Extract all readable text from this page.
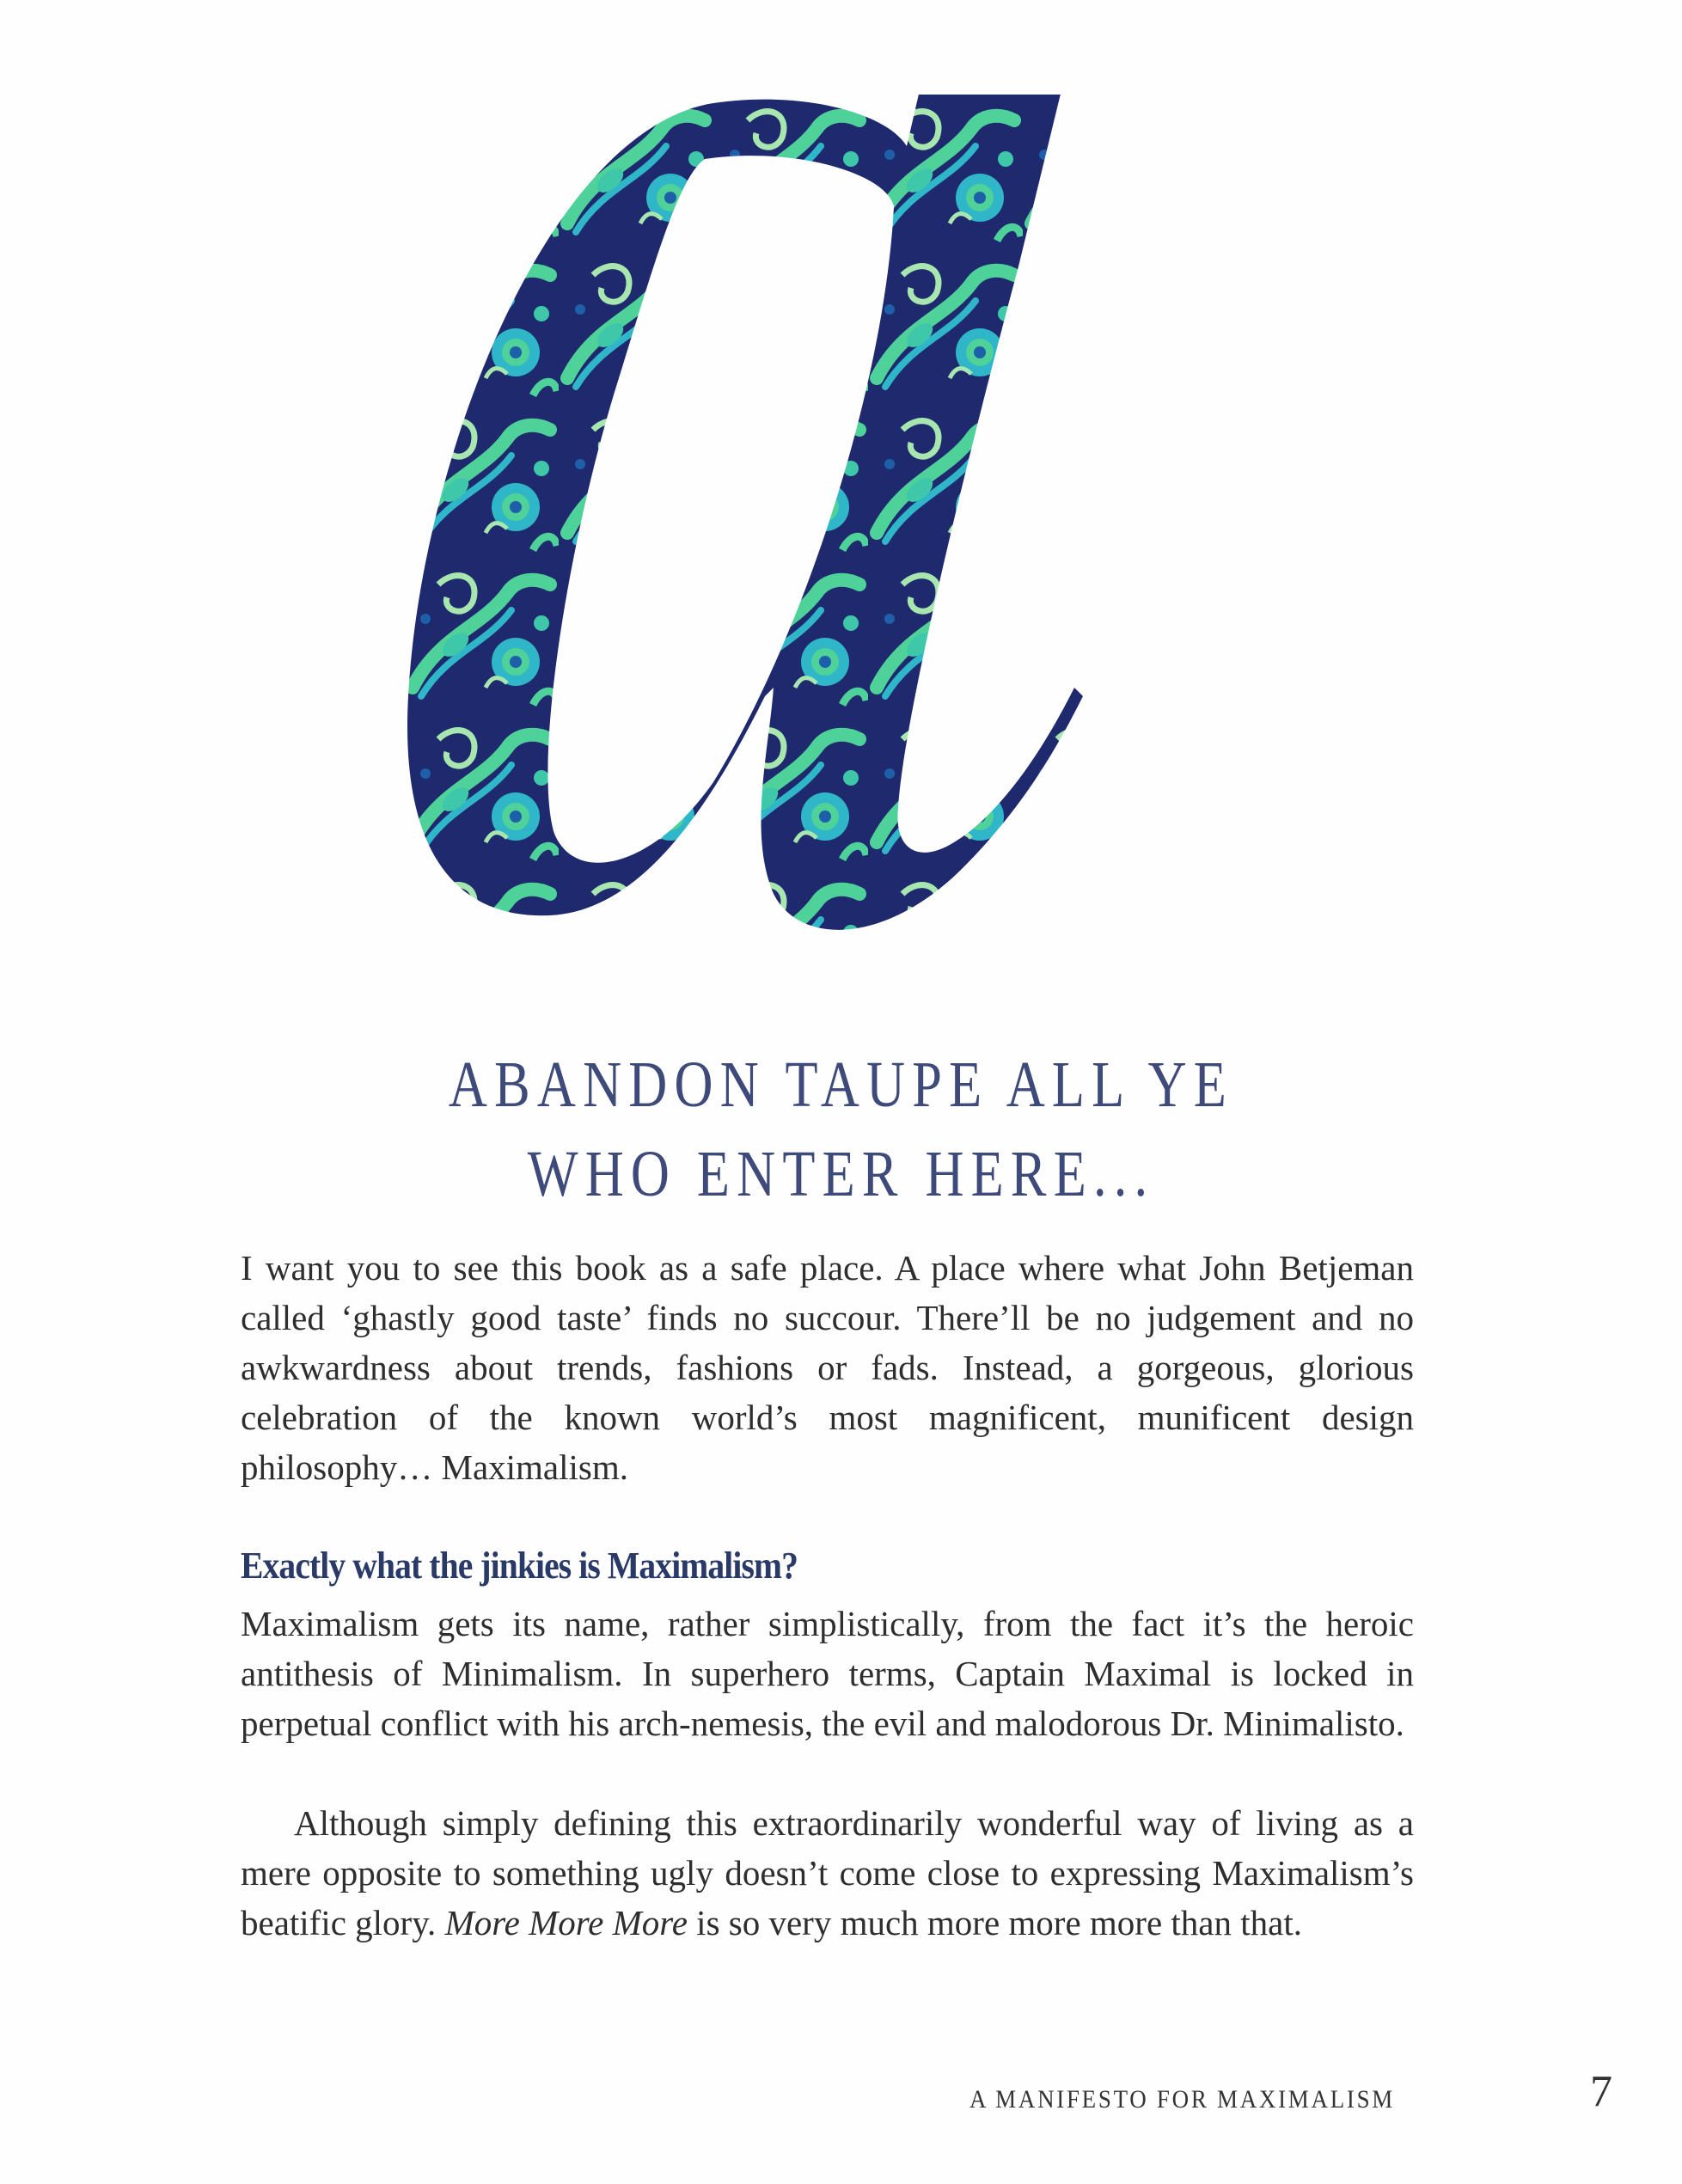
ABANDON TAUPE ALL YE
WHO ENTER HERE...

I want you to see this book as a safe place. A place where what John Betjeman called ‘ghastly good taste’ finds no succour. There’ll be no judgement and no awkwardness about trends, fashions or fads. Instead, a gorgeous, glorious celebration of the known world’s most magnificent, munificent design philosophy… Maximalism.

Exactly what the jinkies is Maximalism?

Maximalism gets its name, rather simplistically, from the fact it’s the heroic antithesis of Minimalism. In superhero terms, Captain Maximal is locked in perpetual conflict with his arch-nemesis, the evil and malodorous Dr. Minimalisto.

Although simply defining this extraordinarily wonderful way of living as a mere opposite to something ugly doesn’t come close to expressing Maximalism’s beatific glory. More More More is so very much more more more than that.

A MANIFESTO FOR MAXIMALISM	7
